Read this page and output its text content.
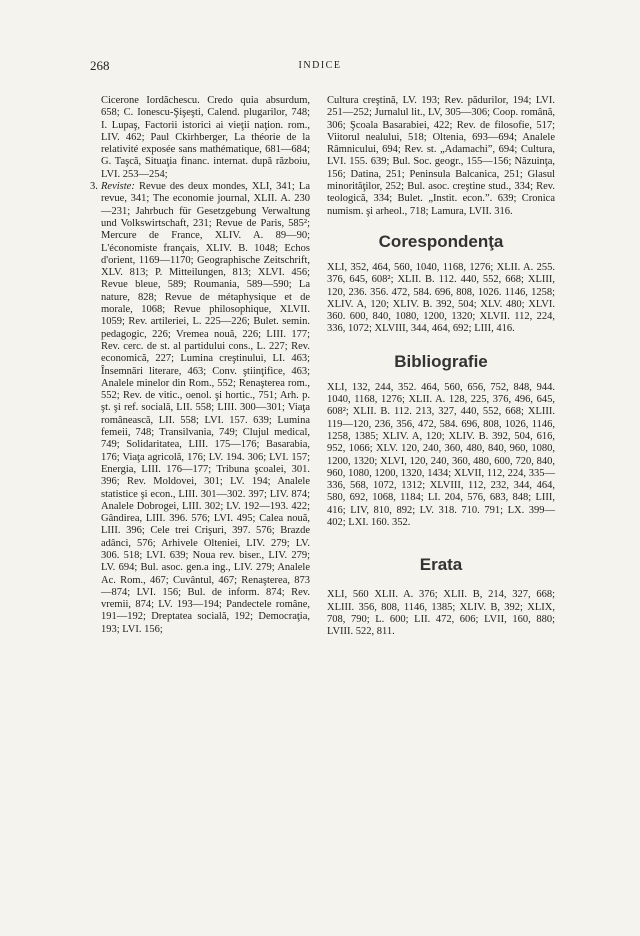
268	INDICE

Cicerone Iordăchescu. Credo quia absurdum, 658; C. Ionescu-Şişeşti, Calend. plugarilor, 748; I. Lupaş, Factorii istorici ai vieţii naţion. rom., LIV. 462; Paul Ckirhberger, La théorie de la relativité exposée sans mathématique, 681—684; G. Taşcă, Situaţia financ. internat. după războiu, LVI. 253—254;

3. Reviste: Revue des deux mondes, XLI, 341; La revue, 341; The economie journal, XLII. A. 230—231; Jahrbuch für Gesetzgebung Verwaltung und Volkswirtschaft, 231; Revue de Paris, 585²; Mercure de France, XLIV. A. 89—90; L'économiste français, XLIV. B. 1048; Echos d'orient, 1169—1170; Geographische Zeitschrift, XLV. 813; P. Mitteilungen, 813; XLVI. 456; Revue bleue, 589; Roumania, 589—590; La nature, 828; Revue de métaphysique et de morale, 1068; Revue philosophique, XLVII. 1059; Rev. artileriei, L. 225—226; Bulet. semin. pedagogic, 226; Vremea nouă, 226; LIII. 177; Rev. cerc. de st. al partidului cons., L. 227; Rev. economică, 227; Lumina creştinului, LI. 463; Însemnări literare, 463; Conv. ştiinţifice, 463; Analele minelor din Rom., 552; Renaşterea rom., 552; Rev. de vitic., oenol. şi hortic., 751; Arh. p. şt. şi ref. socială, LII. 558; LIII. 300—301; Viaţa românească, LII. 558; LVI. 157. 639; Lumina femeii, 748; Transilvania, 749; Clujul medical, 749; Solidaritatea, LIII. 175—176; Basarabia, 176; Viaţa agricolă, 176; LV. 194. 306; LVI. 157; Energia, LIII. 176—177; Tribuna şcoalei, 301. 396; Rev. Moldovei, 301; LV. 194; Analele statistice şi econ., LIII. 301—302. 397; LIV. 874; Analele Dobrogei, LIII. 302; LV. 192—193. 422; Gândirea, LIII. 396. 576; LVI. 495; Calea nouă, LIII. 396; Cele trei Crişuri, 397. 576; Brazde adânci, 576; Arhivele Olteniei, LIV. 279; LV. 306. 518; LVI. 639; Noua rev. biser., LIV. 279; LV. 694; Bul. asoc. gen.a ing., LIV. 279; Analele Ac. Rom., 467; Cuvântul, 467; Renaşterea, 873—874; LVI. 156; Bul. de inform. 874; Rev. vremii, 874; LV. 193—194; Pandectele române, 191—192; Dreptatea socială, 192; Democraţia, 193; LVI. 156;

Cultura creştină, LV. 193; Rev. pădurilor, 194; LVI. 251—252; Jurnalul lit., LV, 305—306; Coop. română, 306; Şcoala Basarabiei, 422; Rev. de filosofie, 517; Viitorul nealului, 518; Oltenia, 693—694; Analele Râmnicului, 694; Rev. st. „Adamachi”, 694; Cultura, LVI. 155. 639; Bul. Soc. geogr., 155—156; Năzuinţa, 156; Datina, 251; Peninsula Balcanica, 251; Glasul minorităţilor, 252; Bul. asoc. creştine stud., 334; Rev. teologică, 334; Bulet. „Instit. econ.”. 639; Cronica numism. şi arheol., 718; Lamura, LVII. 316.

Corespondenţa

XLI, 352, 464, 560, 1040, 1168, 1276; XLII. A. 255. 376, 645, 608²; XLII. B. 112. 440, 552, 668; XLIII, 120, 236. 356. 472, 584. 696, 808, 1026. 1146, 1258; XLIV. A, 120; XLIV. B. 392, 504; XLV. 480; XLVI. 360. 600, 840, 1080, 1200, 1320; XLVII. 112, 224, 336, 1072; XLVIII, 344, 464, 692; LIII, 416.

Bibliografie

XLI, 132, 244, 352. 464, 560, 656, 752, 848, 944. 1040, 1168, 1276; XLII. A. 128, 225, 376, 496, 645, 608²; XLII. B. 112. 213, 327, 440, 552, 668; XLIII. 119—120, 236, 356, 472, 584. 696, 808, 1026, 1146, 1258, 1385; XLIV. A, 120; XLIV. B. 392, 504, 616, 952, 1066; XLV. 120, 240, 360, 480, 840, 960, 1080, 1200, 1320; XLVI, 120, 240, 360, 480, 600, 720, 840, 960, 1080, 1200, 1320, 1434; XLVII, 112, 224, 335—336, 568, 1072, 1312; XLVIII, 112, 232, 344, 464, 580, 692, 1068, 1184; LI. 204, 576, 683, 848; LIII, 416; LIV, 810, 892; LV. 318. 710. 791; LX. 399—402; LXI. 160. 352.

Erata

XLI, 560 XLII. A. 376; XLII. B, 214, 327, 668; XLIII. 356, 808, 1146, 1385; XLIV. B, 392; XLIX, 708, 790; L. 600; LII. 472, 606; LVII, 160, 880; LVIII. 522, 811.
